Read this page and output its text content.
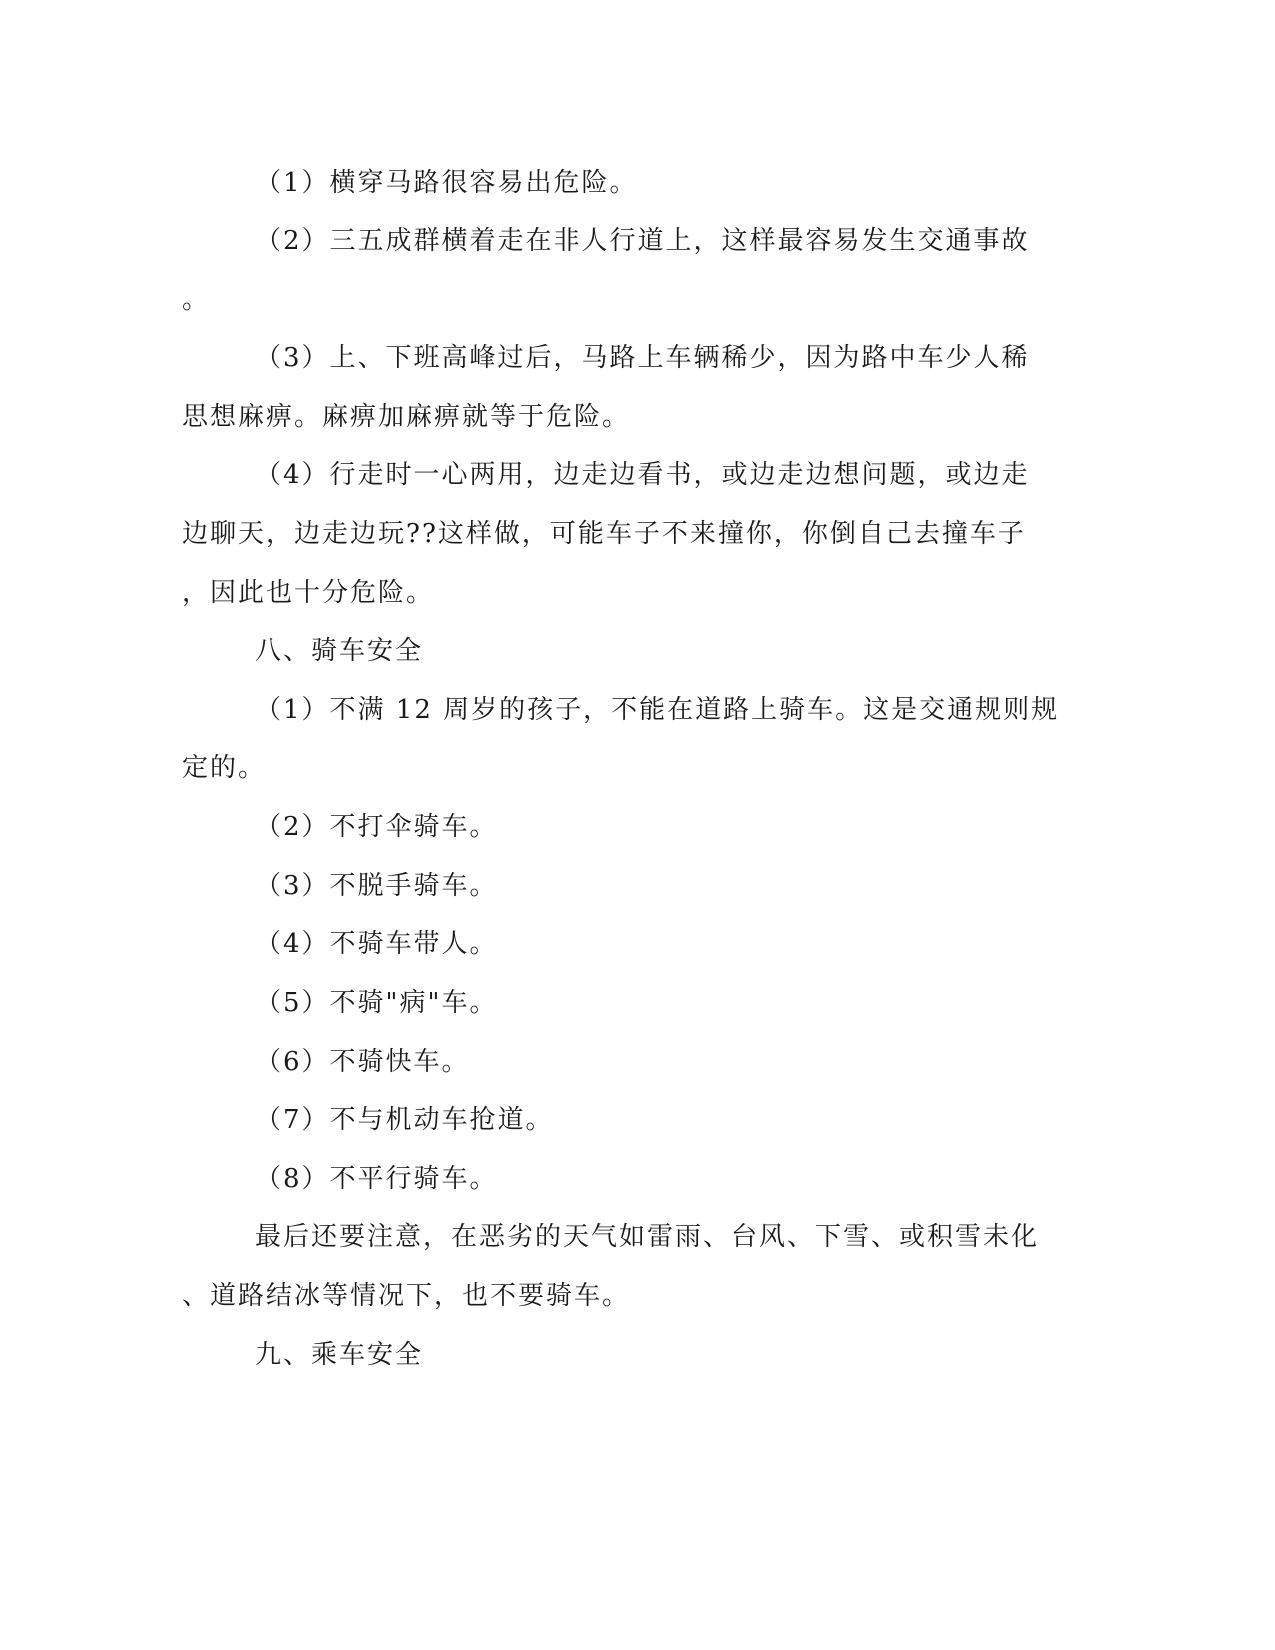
（1）横穿马路很容易出危险。
（2）三五成群横着走在非人行道上，这样最容易发生交通事故
。
（3）上、下班高峰过后，马路上车辆稀少，因为路中车少人稀
思想麻痹。麻痹加麻痹就等于危险。
（4）行走时一心两用，边走边看书，或边走边想问题，或边走
边聊天，边走边玩??这样做，可能车子不来撞你，你倒自己去撞车子
，因此也十分危险。
八、骑车安全
（1）不满 12 周岁的孩子，不能在道路上骑车。这是交通规则规
定的。
（2）不打伞骑车。
（3）不脱手骑车。
（4）不骑车带人。
（5）不骑"病"车。
（6）不骑快车。
（7）不与机动车抢道。
（8）不平行骑车。
最后还要注意，在恶劣的天气如雷雨、台风、下雪、或积雪未化
、道路结冰等情况下，也不要骑车。
九、乘车安全
